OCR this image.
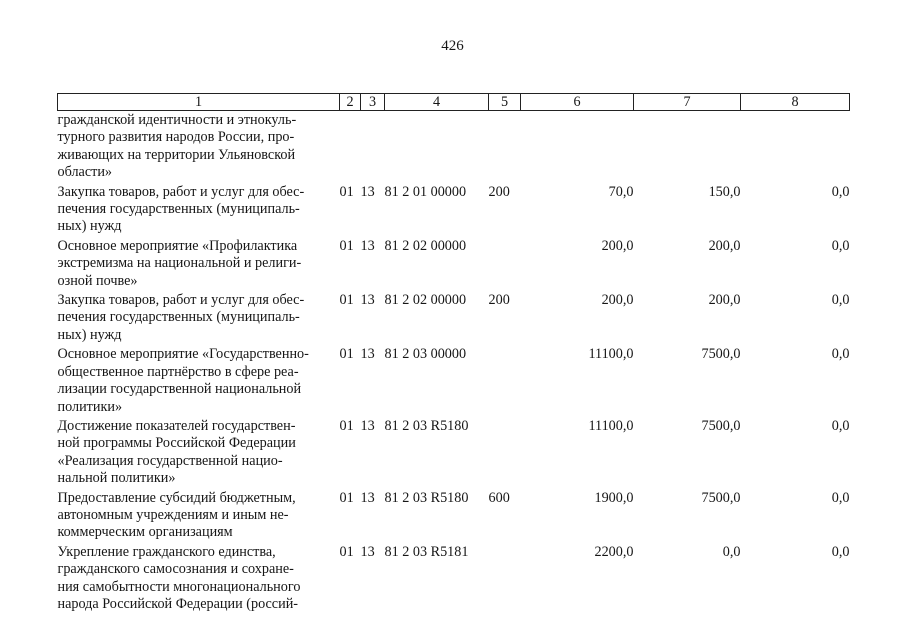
426
1	2	3	4	5	6	7	8

гражданской идентичности и этнокуль-
турного развития народов России, про-
живающих на территории Ульяновской
области»							

Закупка товаров, работ и услуг для обес-
печения государственных (муниципаль-
ных) нужд	01	13	81 2 01 00000	200	70,0	150,0	0,0

Основное мероприятие «Профилактика
экстремизма на национальной и религи-
озной почве»	01	13	81 2 02 00000		200,0	200,0	0,0

Закупка товаров, работ и услуг для обес-
печения государственных (муниципаль-
ных) нужд	01	13	81 2 02 00000	200	200,0	200,0	0,0

Основное мероприятие «Государственно-
общественное партнёрство в сфере реа-
лизации государственной национальной
политики»	01	13	81 2 03 00000		11100,0	7500,0	0,0

Достижение показателей государствен-
ной программы Российской Федерации
«Реализация государственной нацио-
нальной политики»	01	13	81 2 03 R5180		11100,0	7500,0	0,0

Предоставление субсидий бюджетным,
автономным учреждениям и иным не-
коммерческим организациям	01	13	81 2 03 R5180	600	1900,0	7500,0	0,0

Укрепление гражданского единства,
гражданского самосознания и сохране-
ния самобытности многонационального
народа Российской Федерации (россий-	01	13	81 2 03 R5181		2200,0	0,0	0,0
